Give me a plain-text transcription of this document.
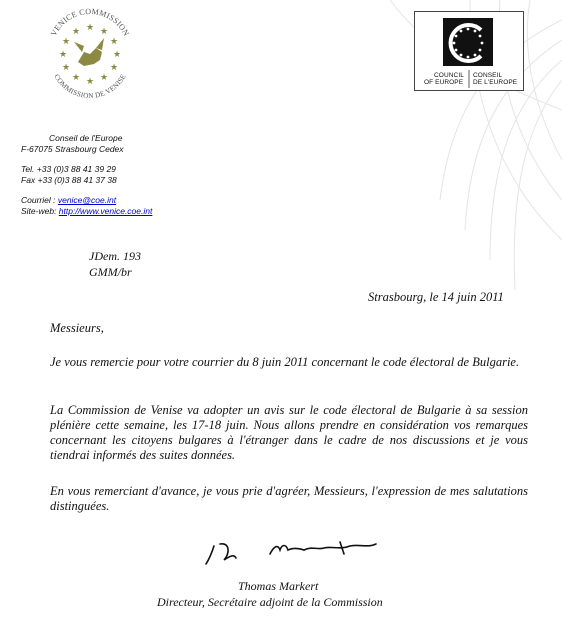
VENICE COMMISSION
COMMISSION DE VENISE
★ ★
★
★
★
★
★
★
★
★
★
★
COUNCIL
OF EUROPE
CONSEIL
DE L'EUROPE
Conseil de l'Europe
F-67075 Strasbourg Cedex
Tel. +33 (0)3 88 41 39 29
Fax +33 (0)3 88 41 37 38
Courriel : venice@coe.int
Site-web: http://www.venice.coe.int
JDem. 193
GMM/br
Strasbourg, le 14 juin 2011
Messieurs,
Je vous remercie pour votre courrier du 8 juin 2011 concernant le code électoral de Bulgarie.
La Commission de Venise va adopter un avis sur le code électoral de Bulgarie à sa session plénière cette semaine, les 17-18 juin. Nous allons prendre en considération vos remarques concernant les citoyens bulgares à l'étranger dans le cadre de nos discussions et je vous tiendrai informés des suites données.
En vous remerciant d'avance, je vous prie d'agréer, Messieurs, l'expression de mes salutations distinguées.
Thomas Markert
Directeur, Secrétaire adjoint de la Commission
